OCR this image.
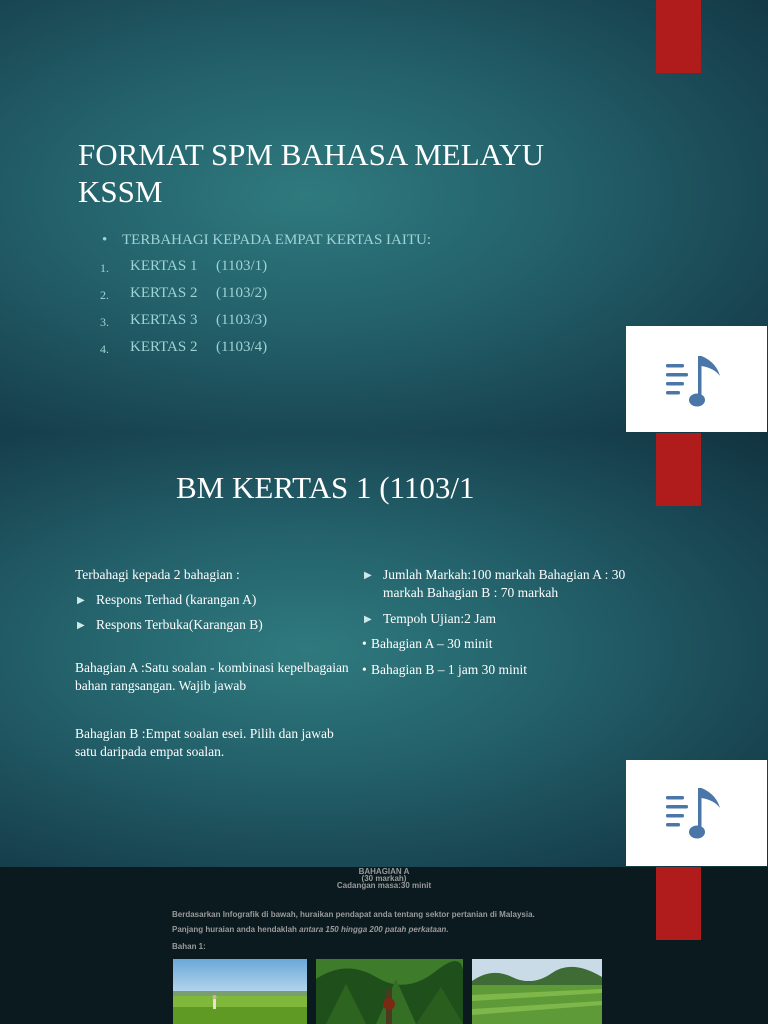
FORMAT SPM BAHASA MELAYU KSSM
• TERBAHAGI KEPADA EMPAT KERTAS IAITU:
1. KERTAS 1 (1103/1)
2. KERTAS 2 (1103/2)
3. KERTAS 3 (1103/3)
4. KERTAS 2 (1103/4)
BM KERTAS 1 (1103/1
Terbahagi kepada 2 bahagian :
▶ Respons Terhad (karangan A)
▶ Respons Terbuka(Karangan B)
Bahagian A :Satu soalan - kombinasi kepelbagaian bahan rangsangan. Wajib jawab
Bahagian B :Empat soalan esei. Pilih dan jawab satu daripada empat soalan.
▶ Jumlah Markah:100 markah Bahagian A : 30 markah Bahagian B : 70 markah
▶ Tempoh Ujian:2 Jam
• Bahagian A – 30 minit
• Bahagian B – 1 jam 30 minit
BAHAGIAN A
(30 markah)
Cadangan masa:30 minit
Berdasarkan Infografik di bawah, huraikan pendapat anda tentang sektor pertanian di Malaysia.
Panjang huraian anda hendaklah antara 150 hingga 200 patah perkataan.
Bahan 1:
